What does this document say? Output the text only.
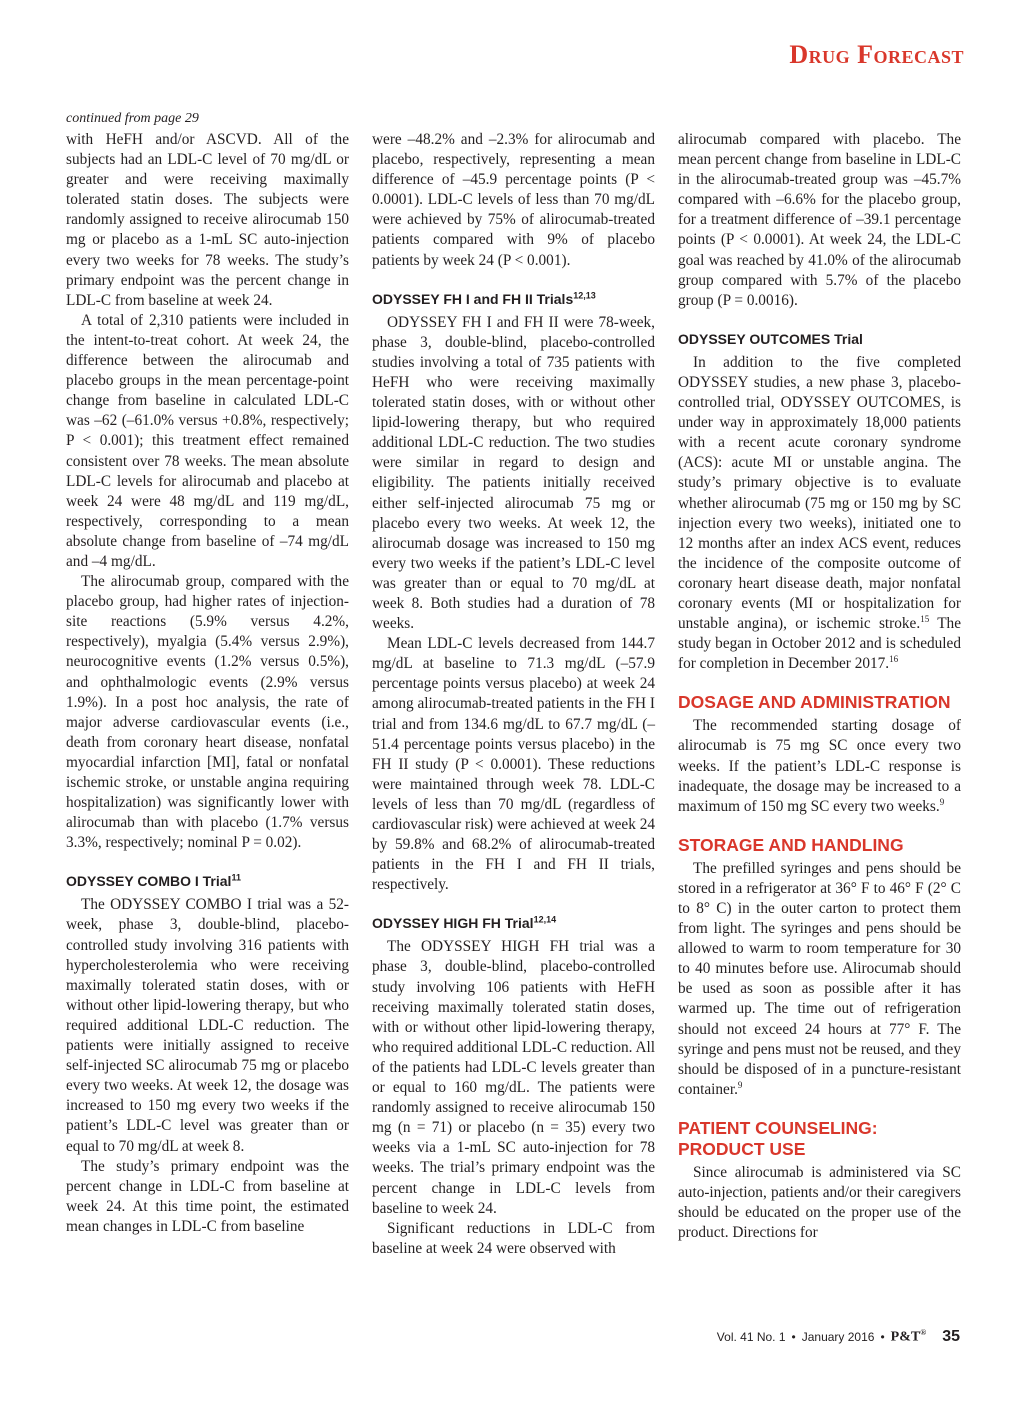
Drug Forecast
continued from page 29

with HeFH and/or ASCVD. All of the subjects had an LDL-C level of 70 mg/dL or greater and were receiving maximally tolerated statin doses. The subjects were randomly assigned to receive alirocumab 150 mg or placebo as a 1-mL SC auto-injection every two weeks for 78 weeks. The study’s primary endpoint was the percent change in LDL-C from baseline at week 24.

A total of 2,310 patients were included in the intent-to-treat cohort. At week 24, the difference between the alirocumab and placebo groups in the mean percentage-point change from baseline in calculated LDL-C was –62 (–61.0% versus +0.8%, respectively; P < 0.001); this treatment effect remained consistent over 78 weeks. The mean absolute LDL-C levels for alirocumab and placebo at week 24 were 48 mg/dL and 119 mg/dL, respectively, corresponding to a mean absolute change from baseline of –74 mg/dL and –4 mg/dL.

The alirocumab group, compared with the placebo group, had higher rates of injection-site reactions (5.9% versus 4.2%, respectively), myalgia (5.4% versus 2.9%), neurocognitive events (1.2% versus 0.5%), and ophthalmologic events (2.9% versus 1.9%). In a post hoc analysis, the rate of major adverse cardiovascular events (i.e., death from coronary heart disease, nonfatal myocardial infarction [MI], fatal or nonfatal ischemic stroke, or unstable angina requiring hospitalization) was significantly lower with alirocumab than with placebo (1.7% versus 3.3%, respectively; nominal P = 0.02).

ODYSSEY COMBO I Trial$^{11}$

The ODYSSEY COMBO I trial was a 52-week, phase 3, double-blind, placebo-controlled study involving 316 patients with hypercholesterolemia who were receiving maximally tolerated statin doses, with or without other lipid-lowering therapy, but who required additional LDL-C reduction. The patients were initially assigned to receive self-injected SC alirocumab 75 mg or placebo every two weeks. At week 12, the dosage was increased to 150 mg every two weeks if the patient’s LDL-C level was greater than or equal to 70 mg/dL at week 8.

The study’s primary endpoint was the percent change in LDL-C from baseline at week 24. At this time point, the estimated mean changes in LDL-C from baseline

were –48.2% and –2.3% for alirocumab and placebo, respectively, representing a mean difference of –45.9 percentage points (P < 0.0001). LDL-C levels of less than 70 mg/dL were achieved by 75% of alirocumab-treated patients compared with 9% of placebo patients by week 24 (P < 0.001).

ODYSSEY FH I and FH II Trials$^{12,13}$

ODYSSEY FH I and FH II were 78-week, phase 3, double-blind, placebo-controlled studies involving a total of 735 patients with HeFH who were receiving maximally tolerated statin doses, with or without other lipid-lowering therapy, but who required additional LDL-C reduction. The two studies were similar in regard to design and eligibility. The patients initially received either self-injected alirocumab 75 mg or placebo every two weeks. At week 12, the alirocumab dosage was increased to 150 mg every two weeks if the patient’s LDL-C level was greater than or equal to 70 mg/dL at week 8. Both studies had a duration of 78 weeks.

Mean LDL-C levels decreased from 144.7 mg/dL at baseline to 71.3 mg/dL (–57.9 percentage points versus placebo) at week 24 among alirocumab-treated patients in the FH I trial and from 134.6 mg/dL to 67.7 mg/dL (–51.4 percentage points versus placebo) in the FH II study (P < 0.0001). These reductions were maintained through week 78. LDL-C levels of less than 70 mg/dL (regardless of cardiovascular risk) were achieved at week 24 by 59.8% and 68.2% of alirocumab-treated patients in the FH I and FH II trials, respectively.

ODYSSEY HIGH FH Trial$^{12,14}$

The ODYSSEY HIGH FH trial was a phase 3, double-blind, placebo-controlled study involving 106 patients with HeFH receiving maximally tolerated statin doses, with or without other lipid-lowering therapy, who required additional LDL-C reduction. All of the patients had LDL-C levels greater than or equal to 160 mg/dL. The patients were randomly assigned to receive alirocumab 150 mg (n = 71) or placebo (n = 35) every two weeks via a 1-mL SC auto-injection for 78 weeks. The trial’s primary endpoint was the percent change in LDL-C levels from baseline to week 24.

Significant reductions in LDL-C from baseline at week 24 were observed with

alirocumab compared with placebo. The mean percent change from baseline in LDL-C in the alirocumab-treated group was –45.7% compared with –6.6% for the placebo group, for a treatment difference of –39.1 percentage points (P < 0.0001). At week 24, the LDL-C goal was reached by 41.0% of the alirocumab group compared with 5.7% of the placebo group (P = 0.0016).

ODYSSEY OUTCOMES Trial

In addition to the five completed ODYSSEY studies, a new phase 3, placebo-controlled trial, ODYSSEY OUTCOMES, is under way in approximately 18,000 patients with a recent acute coronary syndrome (ACS): acute MI or unstable angina. The study’s primary objective is to evaluate whether alirocumab (75 mg or 150 mg by SC injection every two weeks), initiated one to 12 months after an index ACS event, reduces the incidence of the composite outcome of coronary heart disease death, major nonfatal coronary events (MI or hospitalization for unstable angina), or ischemic stroke.$^{15}$ The study began in October 2012 and is scheduled for completion in December 2017.16

DOSAGE AND ADMINISTRATION

The recommended starting dosage of alirocumab is 75 mg SC once every two weeks. If the patient’s LDL-C response is inadequate, the dosage may be increased to a maximum of 150 mg SC every two weeks.$^9$

STORAGE AND HANDLING

The prefilled syringes and pens should be stored in a refrigerator at 36° F to 46° F (2° C to 8° C) in the outer carton to protect them from light. The syringes and pens should be allowed to warm to room temperature for 30 to 40 minutes before use. Alirocumab should be used as soon as possible after it has warmed up. The time out of refrigeration should not exceed 24 hours at 77° F. The syringe and pens must not be reused, and they should be disposed of in a puncture-resistant container.$^9$

PATIENT COUNSELING:
PRODUCT USE

Since alirocumab is administered via SC auto-injection, patients and/or their caregivers should be educated on the proper use of the product. Directions for

Vol. 41 No. 1 • January 2016 • P&T® 35
